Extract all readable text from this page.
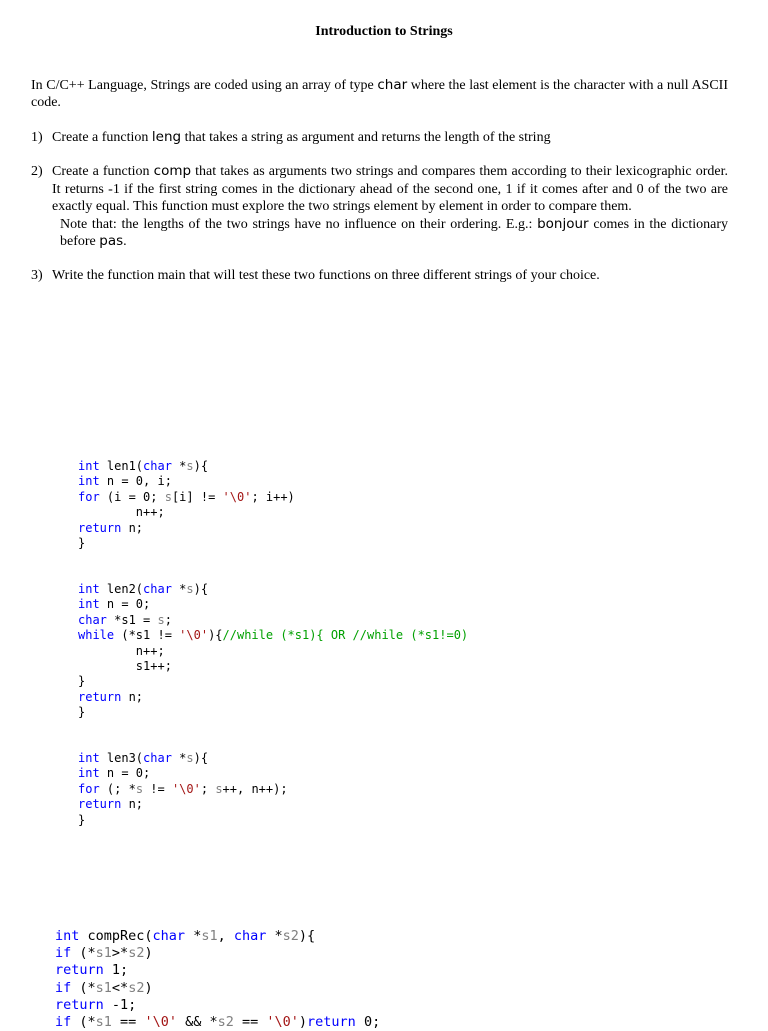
Introduction to Strings
In C/C++ Language, Strings are coded using an array of type char where the last element is the character with a null ASCII code.
1) Create a function leng that takes a string as argument and returns the length of the string
2) Create a function comp that takes as arguments two strings and compares them according to their lexicographic order. It returns -1 if the first string comes in the dictionary ahead of the second one, 1 if it comes after and 0 of the two are exactly equal. This function must explore the two strings element by element in order to compare them.
Note that: the lengths of the two strings have no influence on their ordering. E.g.: bonjour comes in the dictionary before pas.
3) Write the function main that will test these two functions on three different strings of your choice.
int len1(char *s){
int n = 0, i;
for (i = 0; s[i] != '\0'; i++)
n++;
return n;
}
int len2(char *s){
int n = 0;
char *s1 = s;
while (*s1 != '\0'){//while (*s1){ OR //while (*s1!=0)
n++;
s1++;
}
return n;
}
int len3(char *s){
int n = 0;
for (; *s != '\0'; s++, n++);
return n;
}
int compRec(char *s1, char *s2){
if (*s1>*s2)
return 1;
if (*s1<*s2)
return -1;
if (*s1 == '\0' && *s2 == '\0')return 0;
